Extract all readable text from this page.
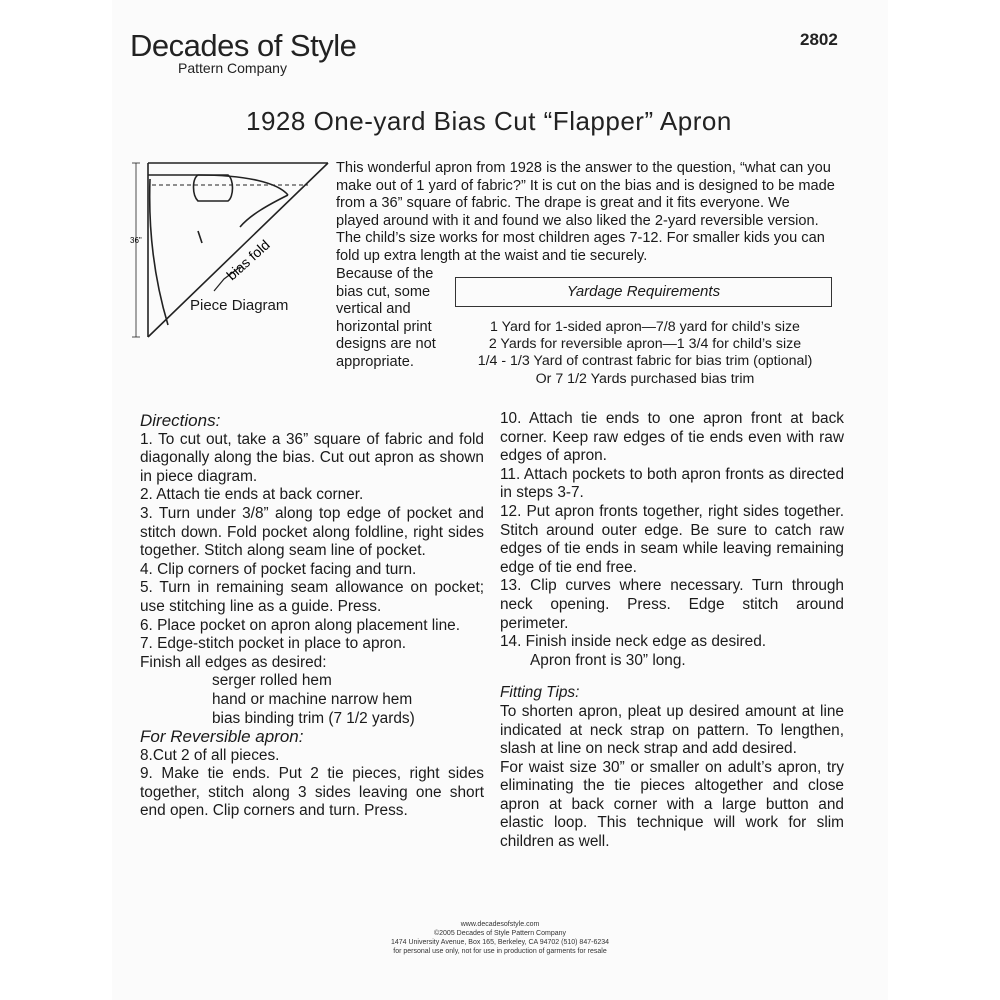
Decades of Style
Pattern Company
2802
1928 One-yard Bias Cut “Flapper” Apron
36"	bias fold
Piece Diagram
This wonderful apron from 1928 is the answer to the question, “what can you make out of 1 yard of fabric?” It is cut on the bias and is designed to be made from a 36” square of fabric. The drape is great and it fits everyone. We played around with it and found we also liked the 2-yard reversible version. The child’s size works for most children ages 7-12. For smaller kids you can fold up extra length at the waist and tie securely.
Because of the bias cut, some vertical and horizontal print designs are not appropriate.
Yardage Requirements
1 Yard for 1-sided apron—7/8 yard for child’s size
2 Yards for reversible apron—1 3/4 for child’s size
1/4 - 1/3 Yard of contrast fabric for bias trim (optional)
Or 7 1/2 Yards purchased bias trim

Directions:

1. To cut out, take a 36” square of fabric and fold diagonally along the bias. Cut out apron as shown in piece diagram.

2. Attach tie ends at back corner.

3. Turn under 3/8” along top edge of pocket and stitch down. Fold pocket along foldline, right sides together. Stitch along seam line of pocket.

4. Clip corners of pocket facing and turn.

5. Turn in remaining seam allowance on pocket; use stitching line as a guide. Press.

6. Place pocket on apron along placement line.

7. Edge-stitch pocket in place to apron.

Finish all edges as desired:

serger rolled hem

hand or machine narrow hem

bias binding trim (7 1/2 yards)

For Reversible apron:

8.Cut 2 of all pieces.

9. Make tie ends. Put 2 tie pieces, right sides together, stitch along 3 sides leaving one short end open. Clip corners and turn. Press.

10. Attach tie ends to one apron front at back corner. Keep raw edges of tie ends even with raw edges of apron.

11. Attach pockets to both apron fronts as directed in steps 3-7.

12. Put apron fronts together, right sides together. Stitch around outer edge. Be sure to catch raw edges of tie ends in seam while leaving remaining edge of tie end free.

13. Clip curves where necessary. Turn through neck opening. Press. Edge stitch around perimeter.

14. Finish inside neck edge as desired.

Apron front is 30” long.

Fitting Tips:

To shorten apron, pleat up desired amount at line indicated at neck strap on pattern. To lengthen, slash at line on neck strap and add desired.

For waist size 30” or smaller on adult’s apron, try eliminating the tie pieces altogether and close apron at back corner with a large button and elastic loop. This technique will work for slim children as well.

www.decadesofstyle.com
©2005 Decades of Style Pattern Company
1474 University Avenue, Box 165, Berkeley, CA 94702 (510) 847-6234
for personal use only, not for use in production of garments for resale
